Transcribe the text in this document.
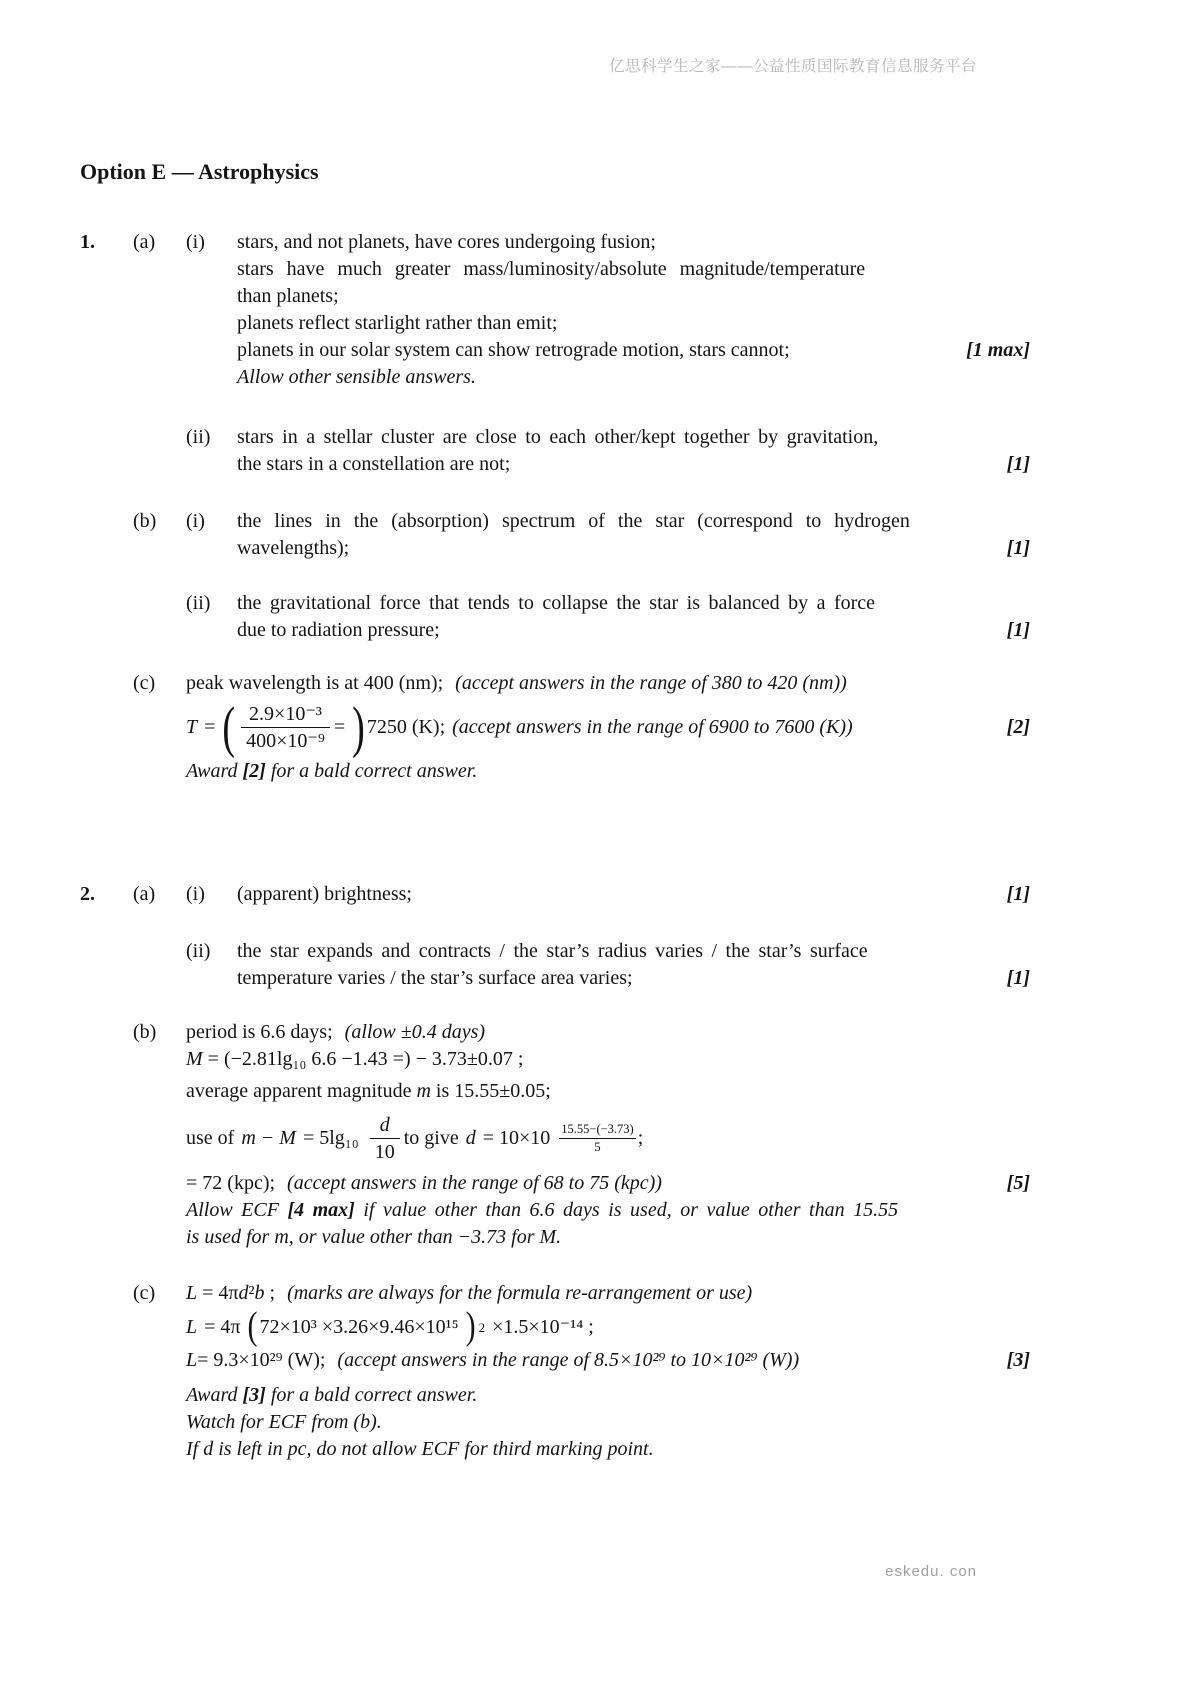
亿思科学生之家——公益性质国际教育信息服务平台
Option E — Astrophysics
1.	(a)	(i)	stars, and not planets, have cores undergoing fusion;
stars have much greater mass/luminosity/absolute magnitude/temperature
than planets;
planets reflect starlight rather than emit;
planets in our solar system can show retrograde motion, stars cannot;	[1 max]
Allow other sensible answers.
(ii)	stars in a stellar cluster are close to each other/kept together by gravitation,
the stars in a constellation are not;	[1]
(b)	(i)	the lines in the (absorption) spectrum of the star (correspond to hydrogen
wavelengths);	[1]
(ii)	the gravitational force that tends to collapse the star is balanced by a force
due to radiation pressure;	[1]
(c)	peak wavelength is at 400 (nm); (accept answers in the range of 380 to 420 (nm))
T = ( $\frac{\text{2.9×10⁻³}}{\text{400×10⁻⁹}}$ = ) 7250 (K); (accept answers in the range of 6900 to 7600 (K))	[2]
Award [2] for a bald correct answer.
2.	(a)	(i)	(apparent) brightness;	[1]
(ii)	the star expands and contracts / the star’s radius varies / the star’s surface
temperature varies / the star’s surface area varies;	[1]
(b)	period is 6.6 days; (allow ±0.4 days)
M = (−2.81lg₁₀ 6.6 −1.43 =) − 3.73±0.07 ;
average apparent magnitude m is 15.55±0.05;
use of $m - M = 5\lg_{10} \frac{d}{10}$ to give $d = 10\times 10 \frac{15.55-(-3.73)}{5}$ ;
= 72 (kpc); (accept answers in the range of 68 to 75 (kpc))	[5]
Allow ECF [4 max] if value other than 6.6 days is used, or value other than 15.55
is used for m, or value other than −3.73 for M.
(c)	L = 4πd²b ; (marks are always for the formula re-arrangement or use)
L = 4π ( 72×10³ ×3.26×9.46×10¹⁵ ) 2 ×1.5×10⁻¹⁴ ;
L = 9.3×10²⁹ (W); (accept answers in the range of 8.5×10²⁹ to 10×10²⁹ (W))	[3]
Award [3] for a bald correct answer.
Watch for ECF from (b).
If d is left in pc, do not allow ECF for third marking point.
eskedu. con
